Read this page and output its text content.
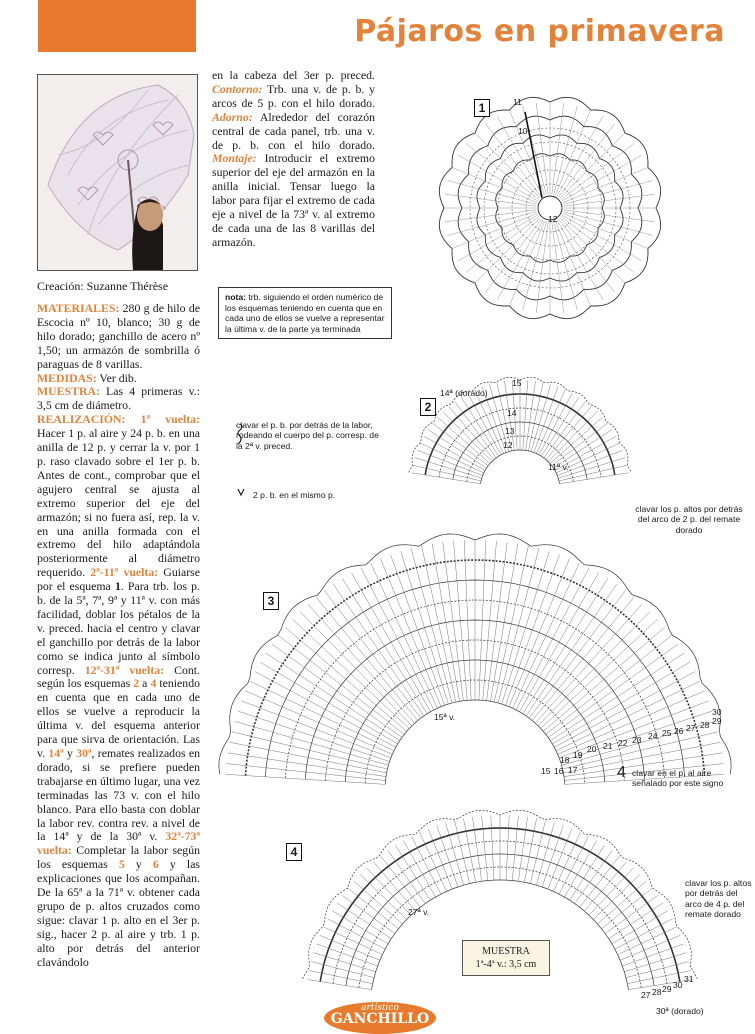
Pájaros en primavera
Creación: Suzanne Thérèse
MATERIALES: 280 g de hilo de Escocia nº 10, blanco; 30 g de hilo dorado; ganchillo de acero nº 1,50; un armazón de sombrilla ó paraguas de 8 varillas.
MEDIDAS: Ver dib.
MUESTRA: Las 4 primeras v.: 3,5 cm de diámetro.
REALIZACIÓN: 1ª vuelta: Hacer 1 p. al aire y 24 p. b. en una anilla de 12 p. y cerrar la v. por 1 p. raso clavado sobre el 1er p. b. Antes de cont., comprobar que el agujero central se ajusta al extremo superior del eje del armazón; si no fuera así, rep. la v. en una anilla formada con el extremo del hilo adaptándola posteriormente al diámetro requerido. 2ª-11ª vuelta: Guiarse por el esquema 1. Para trb. los p. b. de la 5ª, 7ª, 9ª y 11ª v. con más facilidad, doblar los pétalos de la v. preced. hacia el centro y clavar el ganchillo por detrás de la labor como se indica junto al símbolo corresp. 12ª-31ª vuelta: Cont. según los esquemas 2 a 4 teniendo en cuenta que en cada uno de ellos se vuelve a reproducir la última v. del esquema anterior para que sirva de orientación. Las v. 14ª y 30ª, remates realizados en dorado, si se prefiere pueden trabajarse en último lugar, una vez terminadas las 73 v. con el hilo blanco. Para ello basta con doblar la labor rev. contra rev. a nivel de la 14ª y de la 30ª v. 32ª-73ª vuelta: Completar la labor según los esquemas 5 y 6 y las explicaciones que los acompañan. De la 65ª a la 71ª v. obtener cada grupo de p. altos cruzados como sigue: clavar 1 p. alto en el 3er p. sig., hacer 2 p. al aire y trb. 1 p. alto por detrás del anterior clavándolo
en la cabeza del 3er p. preced. Contorno: Trb. una v. de p. b. y arcos de 5 p. con el hilo dorado. Adorno: Alrededor del corazón central de cada panel, trb. una v. de p. b. con el hilo dorado. Montaje: Introducir el extremo superior del eje del armazón en la anilla inicial. Tensar luego la labor para fijar el extremo de cada eje a nivel de la 73ª v. al extremo de cada una de las 8 varillas del armazón.
nota: trb. siguiendo el orden numérico de los esquemas teniendo en cuenta que en cada uno de ellos se vuelve a representar la última v. de la parte ya terminada
clavar el p. b. por detrás de la labor, rodeando el cuerpo del p. corresp. de la 2ª v. preced.
2 p. b. en el mismo p.
1
2
3
4
11
10
12
14ª (dorado)
15
14
13
12
11ª v.
clavar los p. altos por detrás del arco de 2 p. del remate dorado
15ª v.	30
29
28
27
26
25
24
23
22
21
20
19
18
17
16
15	4 clavar en el p. al aire señalado por este signo
27ª v.
30ª (dorado)
clavar los p. altos por detrás del arco de 4 p. del remate dorado
27 28 29 30
31
MUESTRA
1ª-4ª v.: 3,5 cm
artístico
GANCHILLO
